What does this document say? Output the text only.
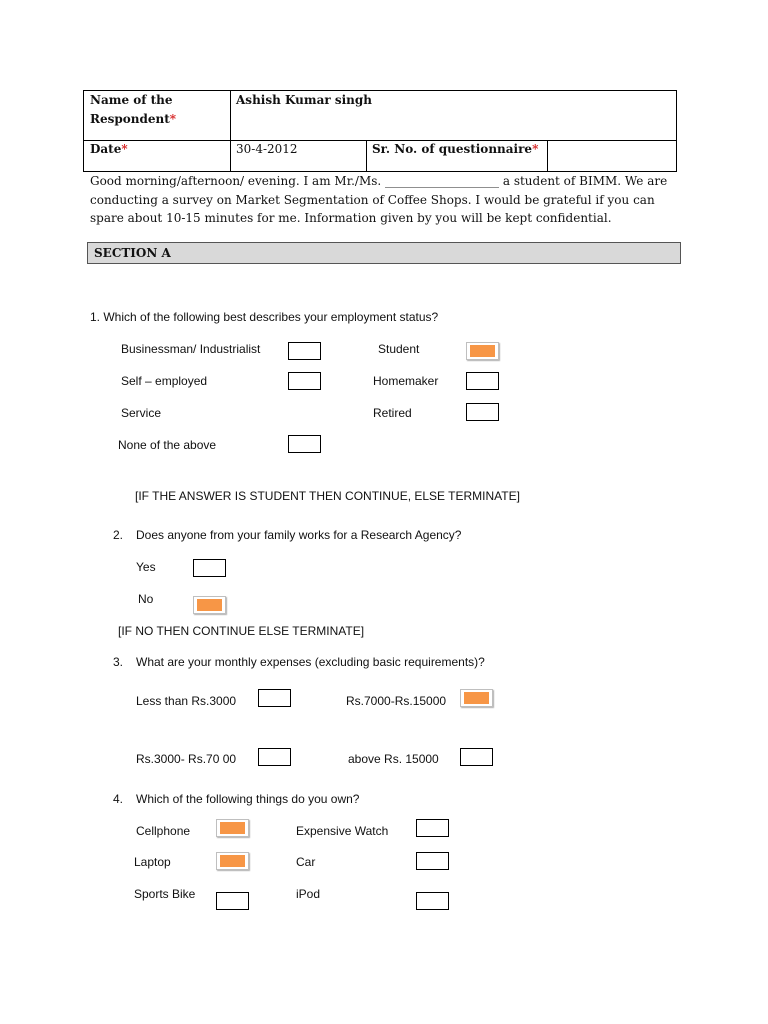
Name of the Respondent*
Ashish Kumar singh
Date*	30-4-2012	Sr. No. of questionnaire*
Good morning/afternoon/ evening. I am Mr./Ms. ___________________ a student of BIMM. We are conducting a survey on Market Segmentation of Coffee Shops. I would be grateful if you can spare about 10-15 minutes for me. Information given by you will be kept confidential.
SECTION A
1. Which of the following best describes your employment status?
Businessman/ Industrialist	Student
Self – employed	Homemaker
Service	Retired
None of the above
[IF THE ANSWER IS STUDENT THEN CONTINUE, ELSE TERMINATE]
2. Does anyone from your family works for a Research Agency?
Yes
No
[IF NO THEN CONTINUE ELSE TERMINATE]
3. What are your monthly expenses (excluding basic requirements)?
Less than Rs.3000	Rs.7000-Rs.15000
Rs.3000- Rs.70 00	above Rs. 15000
4. Which of the following things do you own?
Cellphone	Expensive Watch
Laptop	Car
Sports Bike	iPod
